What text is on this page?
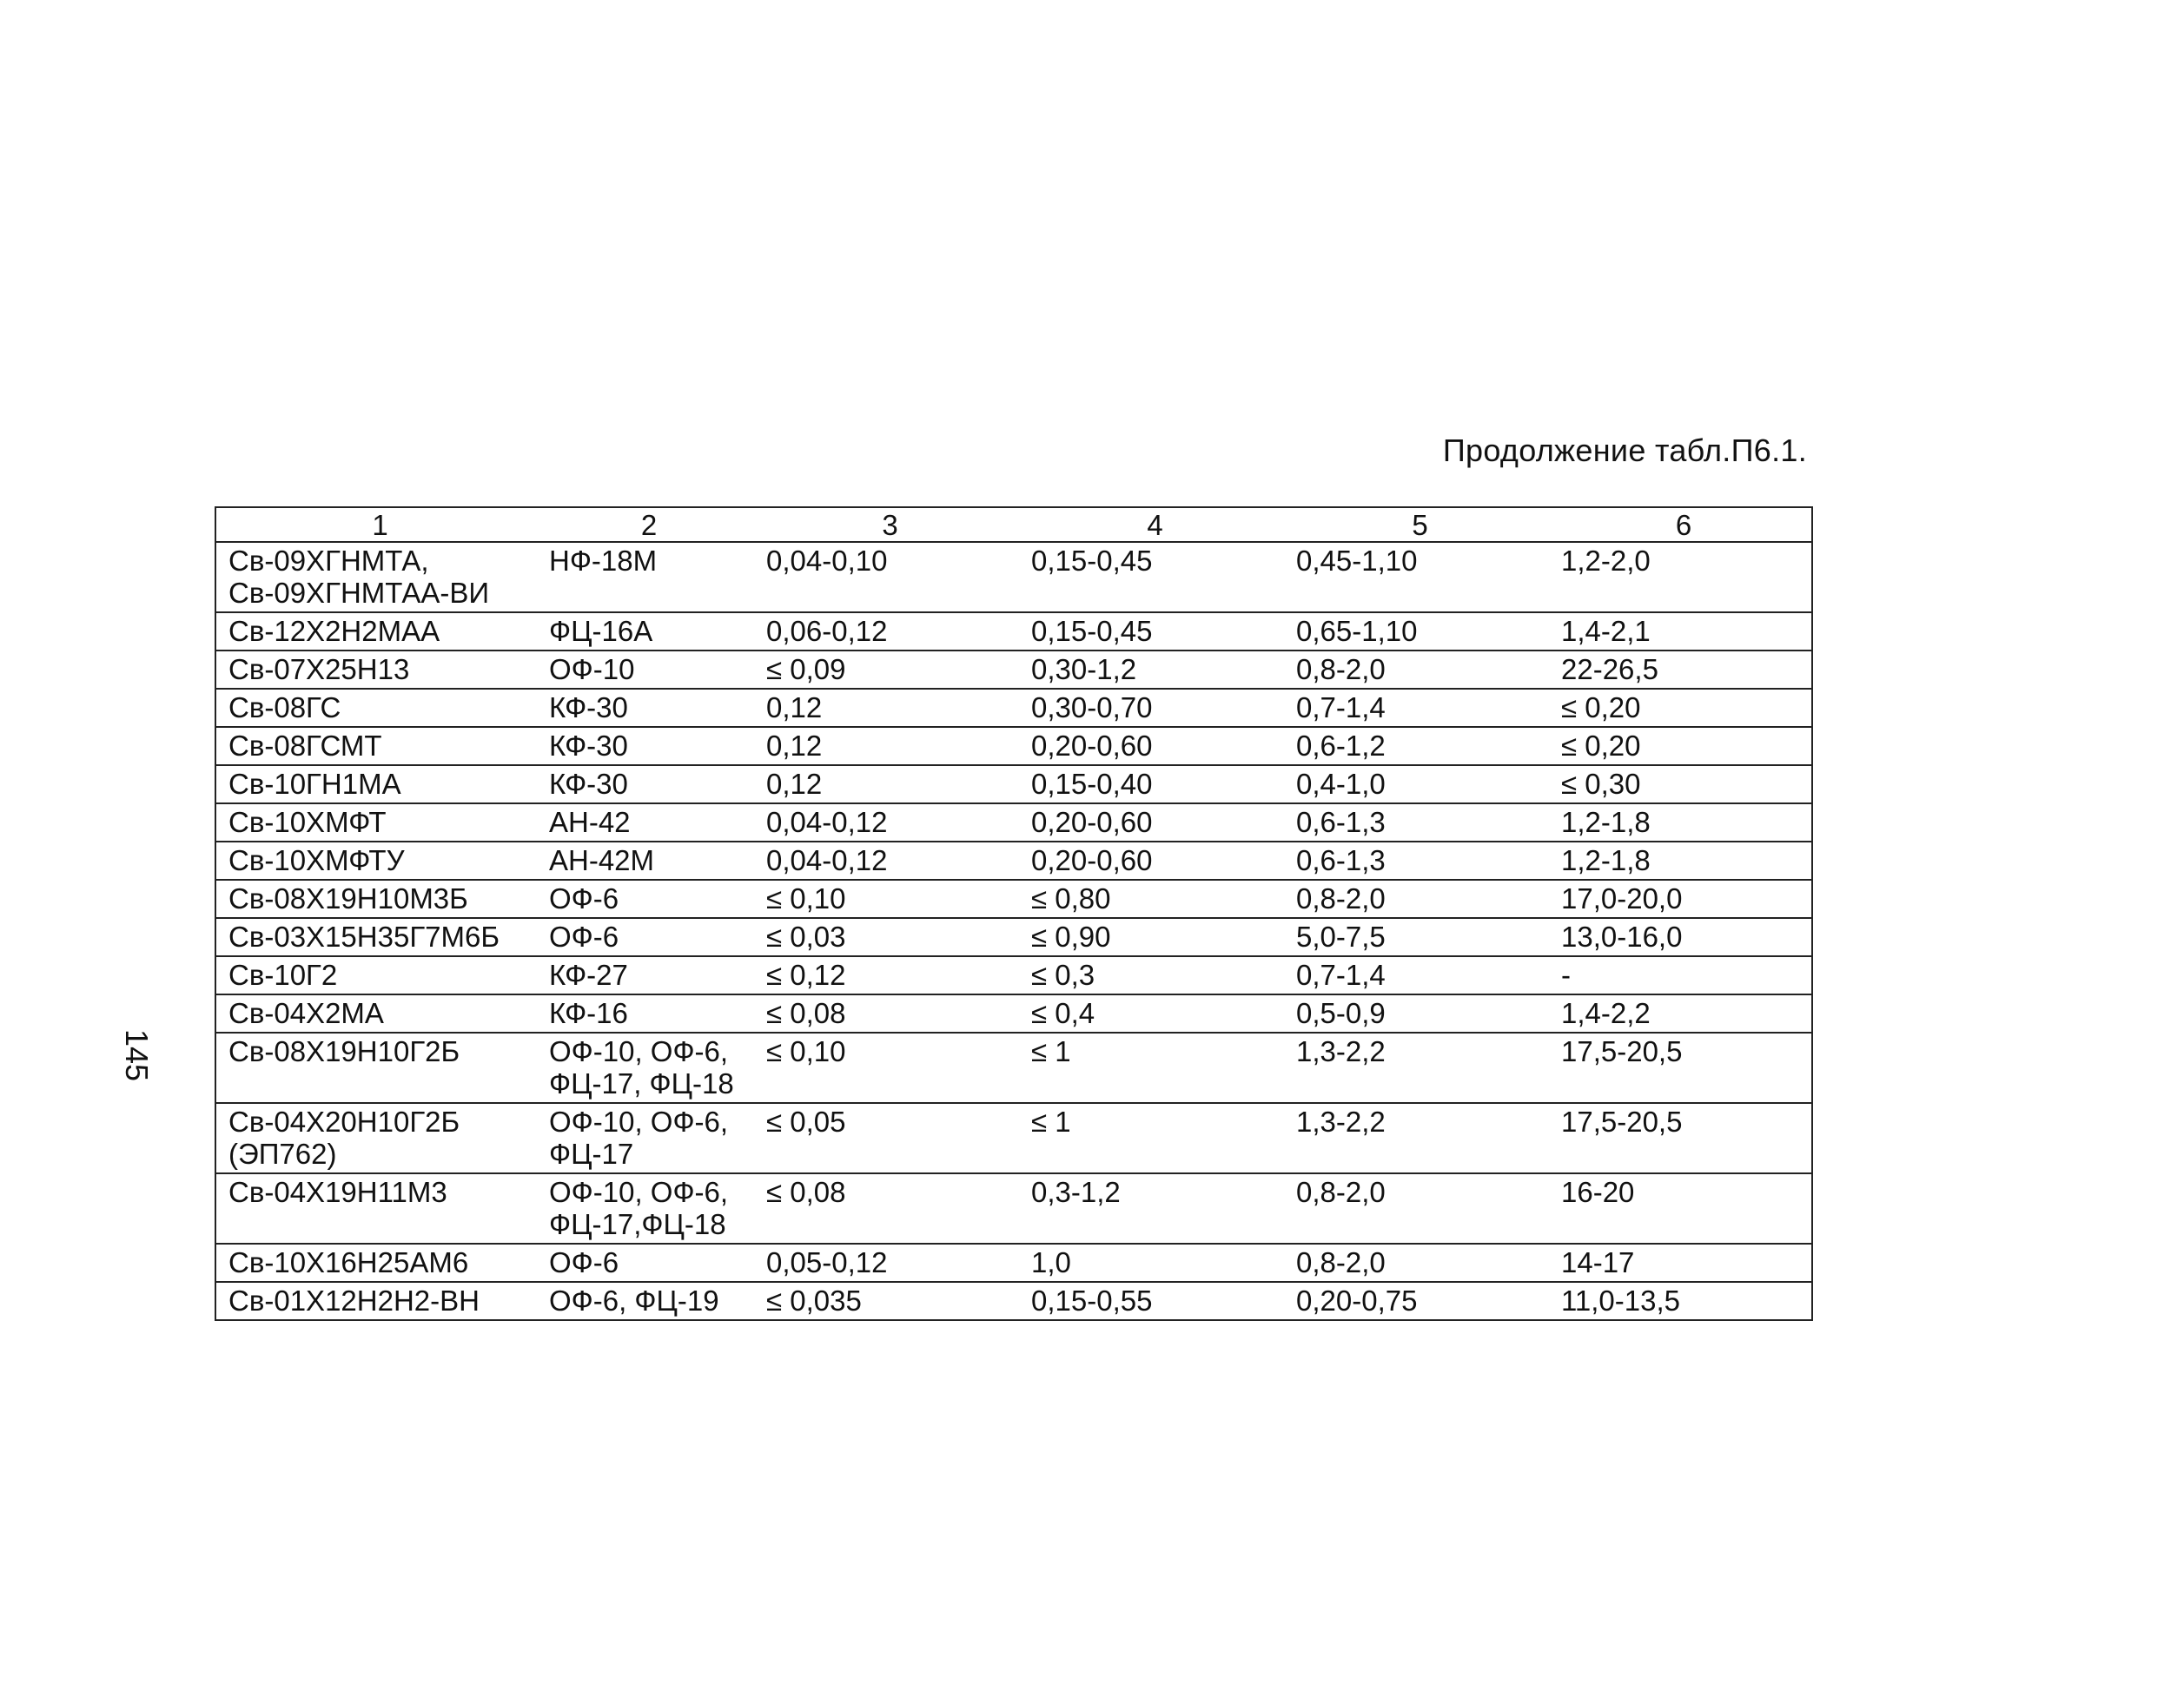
Продолжение табл.П6.1.
145
1	2	3	4	5	6

Св-09ХГНМТА,
Св-09ХГНМТАА-ВИ	НФ-18М	0,04-0,10	0,15-0,45	0,45-1,10	1,2-2,0

Св-12Х2Н2МАА	ФЦ-16А	0,06-0,12	0,15-0,45	0,65-1,10	1,4-2,1

Св-07Х25Н13	ОФ-10	≤ 0,09	0,30-1,2	0,8-2,0	22-26,5

Св-08ГС	КФ-30	0,12	0,30-0,70	0,7-1,4	≤ 0,20

Св-08ГСМТ	КФ-30	0,12	0,20-0,60	0,6-1,2	≤ 0,20

Св-10ГН1МА	КФ-30	0,12	0,15-0,40	0,4-1,0	≤ 0,30

Св-10ХМФТ	АН-42	0,04-0,12	0,20-0,60	0,6-1,3	1,2-1,8

Св-10ХМФТУ	АН-42М	0,04-0,12	0,20-0,60	0,6-1,3	1,2-1,8

Св-08Х19Н10М3Б	ОФ-6	≤ 0,10	≤ 0,80	0,8-2,0	17,0-20,0

Св-03Х15Н35Г7М6Б	ОФ-6	≤ 0,03	≤ 0,90	5,0-7,5	13,0-16,0

Св-10Г2	КФ-27	≤ 0,12	≤ 0,3	0,7-1,4	-

Св-04Х2МА	КФ-16	≤ 0,08	≤ 0,4	0,5-0,9	1,4-2,2

Св-08Х19Н10Г2Б	ОФ-10, ОФ-6,
ФЦ-17, ФЦ-18	≤ 0,10	≤ 1	1,3-2,2	17,5-20,5

Св-04Х20Н10Г2Б
(ЭП762)	ОФ-10, ОФ-6,
ФЦ-17	≤ 0,05	≤ 1	1,3-2,2	17,5-20,5

Св-04Х19Н11М3	ОФ-10, ОФ-6,
ФЦ-17,ФЦ-18	≤ 0,08	0,3-1,2	0,8-2,0	16-20

Св-10Х16Н25АМ6	ОФ-6	0,05-0,12	1,0	0,8-2,0	14-17

Св-01Х12Н2Н2-ВН	ОФ-6, ФЦ-19	≤ 0,035	0,15-0,55	0,20-0,75	11,0-13,5
